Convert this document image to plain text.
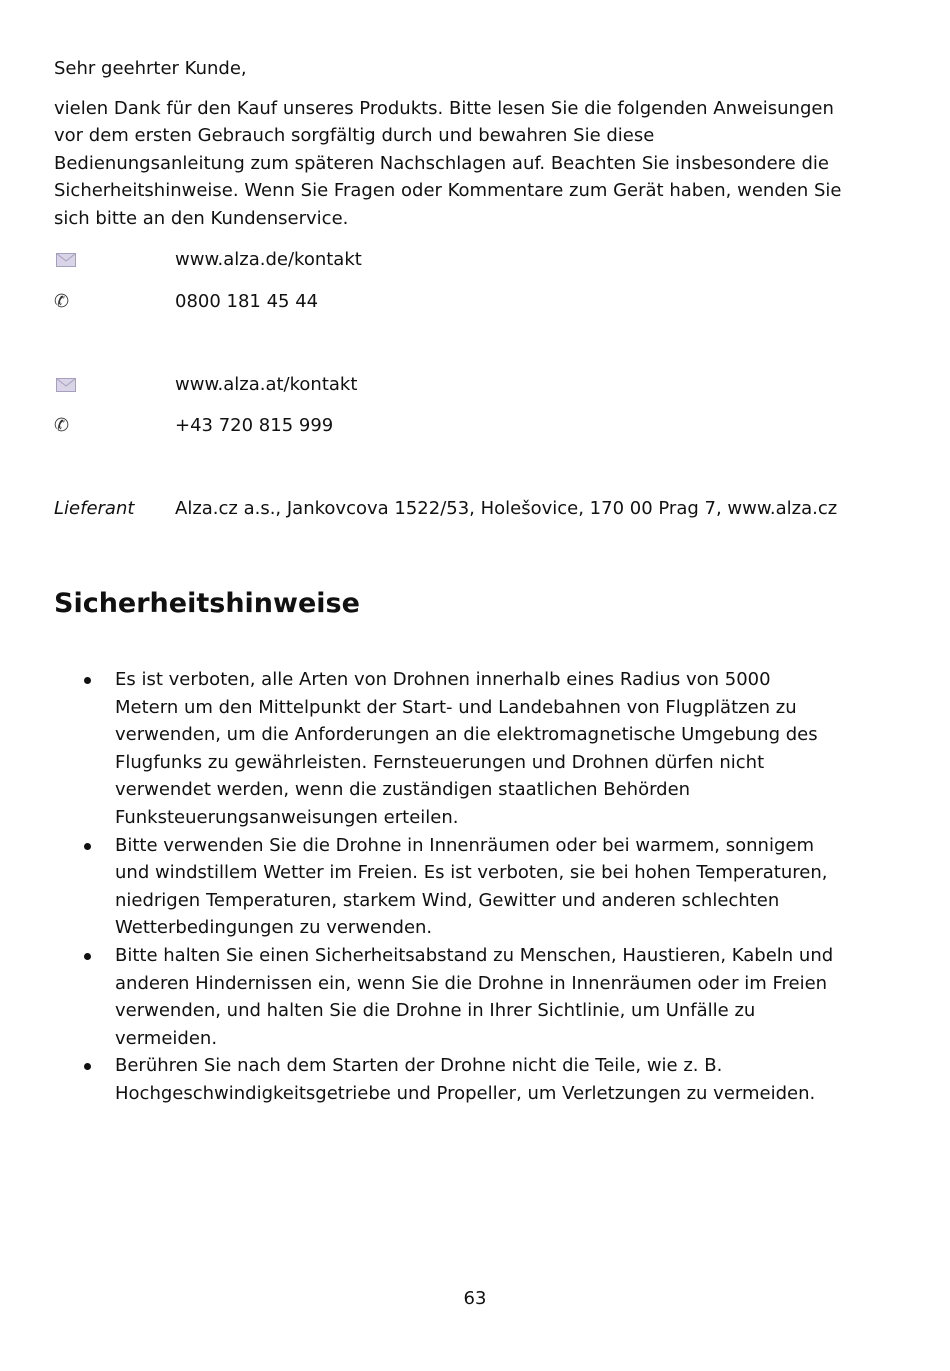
Sehr geehrter Kunde,

vielen Dank für den Kauf unseres Produkts. Bitte lesen Sie die folgenden Anweisungen vor dem ersten Gebrauch sorgfältig durch und bewahren Sie diese Bedienungsanleitung zum späteren Nachschlagen auf. Beachten Sie insbesondere die Sicherheitshinweise. Wenn Sie Fragen oder Kommentare zum Gerät haben, wenden Sie sich bitte an den Kundenservice.

www.alza.de/kontakt
✆	0800 181 45 44
www.alza.at/kontakt
✆	+43 720 815 999
Lieferant Alza.cz a.s., Jankovcova 1522/53, Holešovice, 170 00 Prag 7, www.alza.cz
Sicherheitshinweise
Es ist verboten, alle Arten von Drohnen innerhalb eines Radius von 5000 Metern um den Mittelpunkt der Start- und Landebahnen von Flugplätzen zu verwenden, um die Anforderungen an die elektromagnetische Umgebung des Flugfunks zu gewährleisten. Fernsteuerungen und Drohnen dürfen nicht verwendet werden, wenn die zuständigen staatlichen Behörden Funksteuerungsanweisungen erteilen.
Bitte verwenden Sie die Drohne in Innenräumen oder bei warmem, sonnigem und windstillem Wetter im Freien. Es ist verboten, sie bei hohen Temperaturen, niedrigen Temperaturen, starkem Wind, Gewitter und anderen schlechten Wetterbedingungen zu verwenden.
Bitte halten Sie einen Sicherheitsabstand zu Menschen, Haustieren, Kabeln und anderen Hindernissen ein, wenn Sie die Drohne in Innenräumen oder im Freien verwenden, und halten Sie die Drohne in Ihrer Sichtlinie, um Unfälle zu vermeiden.
Berühren Sie nach dem Starten der Drohne nicht die Teile, wie z. B. Hochgeschwindigkeitsgetriebe und Propeller, um Verletzungen zu vermeiden.
63
